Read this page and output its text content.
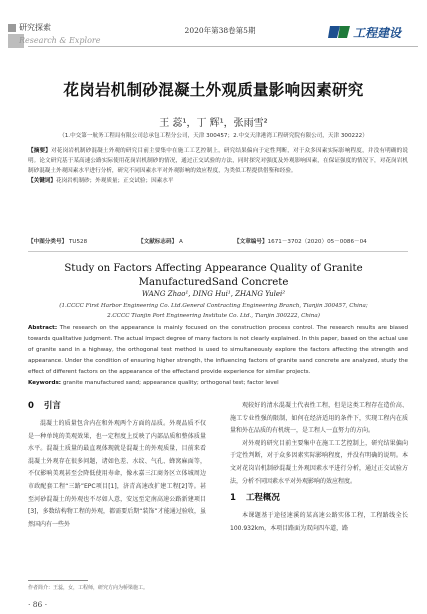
研究探索
Research & Explore
2020年第38卷第5期	工程建设
花岗岩机制砂混凝土外观质量影响因素研究
王 蕊¹，丁 辉¹，张雨雪²
（1.中交第一航务工程局有限公司总承包工程分公司，天津 300457；2.中交天津港湾工程研究院有限公司，天津 300222）
【摘要】对花岗岩机制砂混凝土外观的研究目前主要集中在施工工艺控制上，研究结果偏向于定性判断，对于众多因素实际影响程度，并没有明确的说明。论文研究基于某高速公路实际使用花岗岩机制砂的情况，通过正交试验的方法，同时探究对强度及外观影响因素，在保证强度的情况下，对花岗岩机制砂混凝土外观因素水平进行分析，研究不同因素水平对外观影响的效应程度，为类似工程提供借鉴和经验。
【关键词】花岗岩机制砂；外观质量；正交试验；因素水平
【中图分类号】 TU528	【文献标志码】 A	【文章编号】1671－3702（2020）05－0086－04
Study on Factors Affecting Appearance Quality of Granite
ManufacturedSand Concrete
WANG Zhao¹, DING Hui¹, ZHANG Yulei²
(1.CCCC First Harbor Engineering Co. Ltd.General Contracting Engineering Branch, Tianjin 300457, China;
2.CCCC Tianjin Port Engineering Institute Co. Ltd., Tianjin 300222, China)
Abstract: The research on the appearance is mainly focused on the construction process control. The research results are biased towards qualitative judgment. The actual impact degree of many factors is not clearly explained. In this paper, based on the actual use of granite sand in a highway, the orthogonal test method is used to simultaneously explore the factors affecting the strength and appearance. Under the condition of ensuring higher strength, the influencing factors of granite sand concrete are analyzed, study the effect of different factors on the appearance of the effectand provide experience for similar projects.
Keywords: granite manufactured sand; appearance quality; orthogonal test; factor level
0 引言
混凝土的质量包含内在和外观两个方面的品质。外观品质不仅是一种单纯的美观效果，也一定程度上反映了内部品质和整体质量水平。混凝土质量的最直观体现就是混凝土的外观质量，目前来看混凝土外观存在很多问题，诸如色差、水纹、气孔、蜂窝麻面等，不仅影响美观甚至会降低使用寿命，像永嘉三江商务区立体城周边市政配套工程“三路”EPC项目[1]，济青高速改扩建工程[2]等。甚至河砂混凝土的外观也不尽如人意，安远至定南高速公路新建项目[3]，多数结构物工程的外观，都需要后期“装饰”才能通过验收，虽然国内有一些外
观较好的清水混凝土代表性工程，但是这类工程存在造价高、施工专业性强的限制，如何在经济适用的条件下，实现工程内在质量和外在品质的有机统一，是工程人一直努力的方向。
对外观的研究目前主要集中在施工工艺控制上，研究结果偏向于定性判断，对于众多因素实际影响程度，并没有明确的说明。本文对花岗岩机制砂混凝土外观因素水平进行分析，通过正交试验方法，分析不同因素水平对外观影响的效应程度。
1 工程概况
本课题基于途径速溪的某高速公路实体工程，工程路线全长100.932km，本项目路面为双向四车道，路
作者简介：王蕊，女，工程师，研究方向为桥梁施工。
· 86 ·
